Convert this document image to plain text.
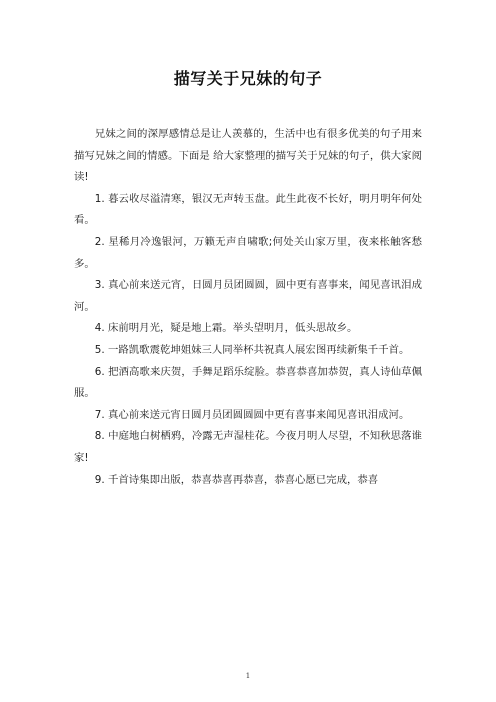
描写关于兄妹的句子

兄妹之间的深厚感情总是让人羡慕的，生活中也有很多优美的句子用来描写兄妹之间的情感。下面是 给大家整理的描写关于兄妹的句子，供大家阅读!

1. 暮云收尽溢清寒，银汉无声转玉盘。此生此夜不长好，明月明年何处看。

2. 星稀月冷逸银河，万籁无声自啸歌;何处关山家万里，夜来枨触客愁多。

3. 真心前来送元宵，日圆月员团圆圆，圆中更有喜事来，闻见喜讯泪成河。

4. 床前明月光，疑是地上霜。举头望明月，低头思故乡。

5. 一路凯歌震乾坤姐妹三人同举杯共祝真人展宏图再续新集千千首。

6. 把酒高歌来庆贺，手舞足蹈乐绽脸。恭喜恭喜加恭贺，真人诗仙草佩服。

7. 真心前来送元宵日圆月员团圆圆圆中更有喜事来闻见喜讯泪成河。

8. 中庭地白树栖鸦，冷露无声湿桂花。今夜月明人尽望，不知秋思落谁家!

9. 千首诗集即出版，恭喜恭喜再恭喜，恭喜心愿已完成，恭喜

1
